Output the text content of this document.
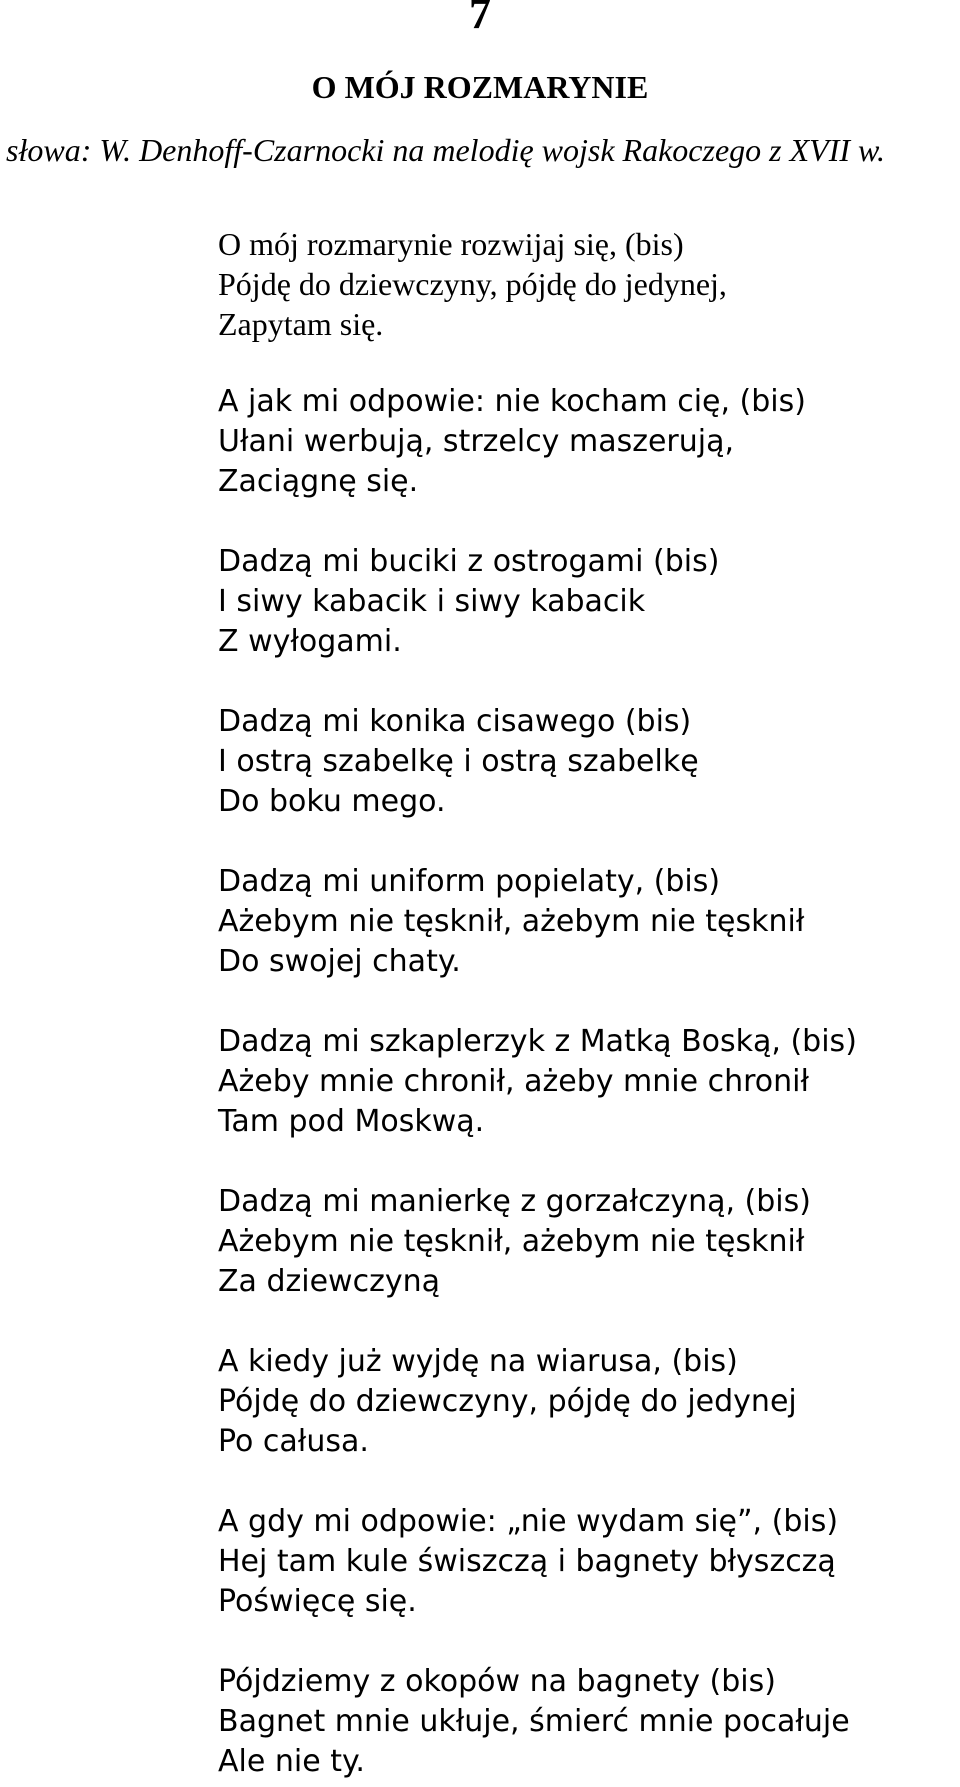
7
O MÓJ ROZMARYNIE
słowa: W. Denhoff-Czarnocki na melodię wojsk Rakoczego z XVII w.
O mój rozmarynie rozwijaj się, (bis)
Pójdę do dziewczyny, pójdę do jedynej,
Zapytam się.
A jak mi odpowie: nie kocham cię, (bis)
Ułani werbują, strzelcy maszerują,
Zaciągnę się.
Dadzą mi buciki z ostrogami (bis)
I siwy kabacik i siwy kabacik
Z wyłogami.
Dadzą mi konika cisawego (bis)
I ostrą szabelkę i ostrą szabelkę
Do boku mego.
Dadzą mi uniform popielaty, (bis)
Ażebym nie tęsknił, ażebym nie tęsknił
Do swojej chaty.
Dadzą mi szkaplerzyk z Matką Boską, (bis)
Ażeby mnie chronił, ażeby mnie chronił
Tam pod Moskwą.
Dadzą mi manierkę z gorzałczyną, (bis)
Ażebym nie tęsknił, ażebym nie tęsknił
Za dziewczyną
A kiedy już wyjdę na wiarusa, (bis)
Pójdę do dziewczyny, pójdę do jedynej
Po całusa.
A gdy mi odpowie: „nie wydam się”, (bis)
Hej tam kule świszczą i bagnety błyszczą
Poświęcę się.
Pójdziemy z okopów na bagnety (bis)
Bagnet mnie ukłuje, śmierć mnie pocałuje
Ale nie ty.
